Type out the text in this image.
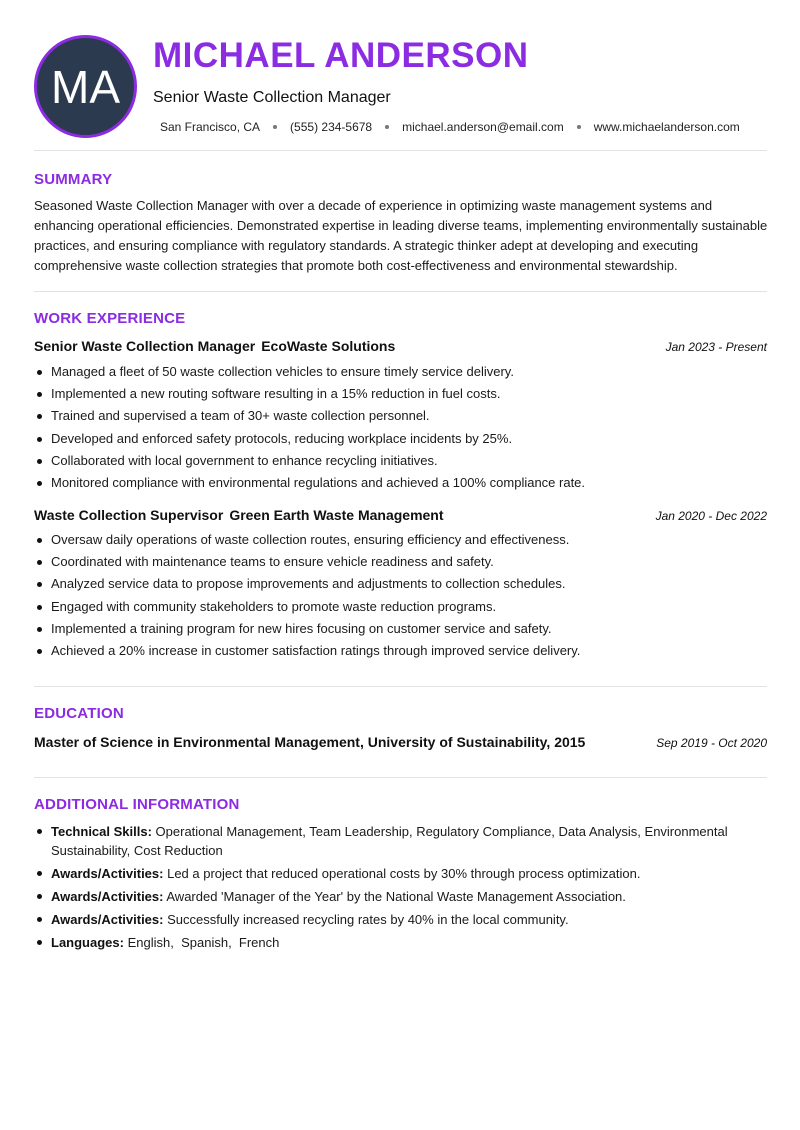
MA
MICHAEL ANDERSON
Senior Waste Collection Manager
San Francisco, CA	(555) 234-5678	michael.anderson@email.com	www.michaelanderson.com
SUMMARY
Seasoned Waste Collection Manager with over a decade of experience in optimizing waste management systems and enhancing operational efficiencies. Demonstrated expertise in leading diverse teams, implementing environmentally sustainable practices, and ensuring compliance with regulatory standards. A strategic thinker adept at developing and executing comprehensive waste collection strategies that promote both cost-effectiveness and environmental stewardship.
WORK EXPERIENCE
Senior Waste Collection Manager EcoWaste Solutions	Jan 2023 - Present
Managed a fleet of 50 waste collection vehicles to ensure timely service delivery.
Implemented a new routing software resulting in a 15% reduction in fuel costs.
Trained and supervised a team of 30+ waste collection personnel.
Developed and enforced safety protocols, reducing workplace incidents by 25%.
Collaborated with local government to enhance recycling initiatives.
Monitored compliance with environmental regulations and achieved a 100% compliance rate.
Waste Collection Supervisor Green Earth Waste Management	Jan 2020 - Dec 2022
Oversaw daily operations of waste collection routes, ensuring efficiency and effectiveness.
Coordinated with maintenance teams to ensure vehicle readiness and safety.
Analyzed service data to propose improvements and adjustments to collection schedules.
Engaged with community stakeholders to promote waste reduction programs.
Implemented a training program for new hires focusing on customer service and safety.
Achieved a 20% increase in customer satisfaction ratings through improved service delivery.
EDUCATION
Master of Science in Environmental Management, University of Sustainability, 2015	Sep 2019 - Oct 2020
ADDITIONAL INFORMATION
Technical Skills: Operational Management, Team Leadership, Regulatory Compliance, Data Analysis, Environmental Sustainability, Cost Reduction
Awards/Activities: Led a project that reduced operational costs by 30% through process optimization.
Awards/Activities: Awarded 'Manager of the Year' by the National Waste Management Association.
Awards/Activities: Successfully increased recycling rates by 40% in the local community.
Languages: English , Spanish , French
